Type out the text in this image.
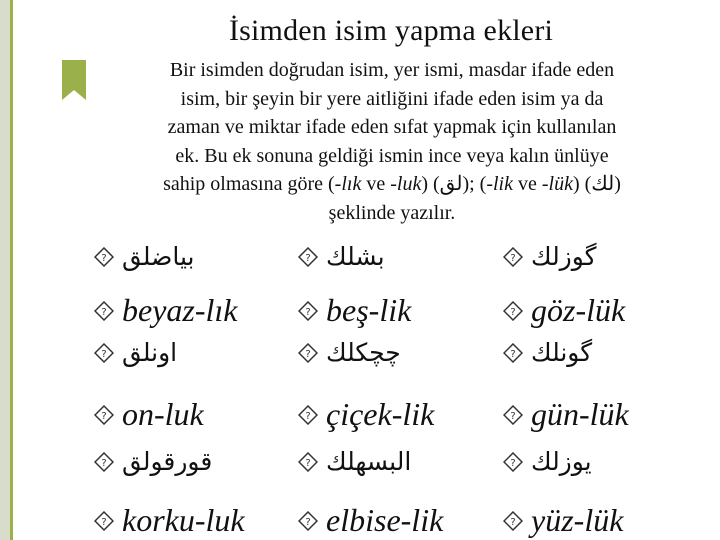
İsimden isim yapma ekleri
Bir isimden doğrudan isim, yer ismi, masdar ifade eden
isim, bir şeyin bir yere aitliğini ifade eden isim ya da
zaman ve miktar ifade eden sıfat yapmak için kullanılan
ek. Bu ek sonuna geldiği ismin ince veya kalın ünlüye
sahip olmasına göre (-lık ve -luk) (لق); (-lik ve -lük) (لك)
şeklinde yazılır.
? بياضلق	? بشلك	? گوزلك
? beyaz-lık	? beş-lik	? göz-lük
? اونلق	? چچكلك	? گونلك
? on-luk	? çiçek-lik	? gün-lük
? قورقولق	? البسهلك	? يوزلك
? korku-luk	? elbise-lik	? yüz-lük
